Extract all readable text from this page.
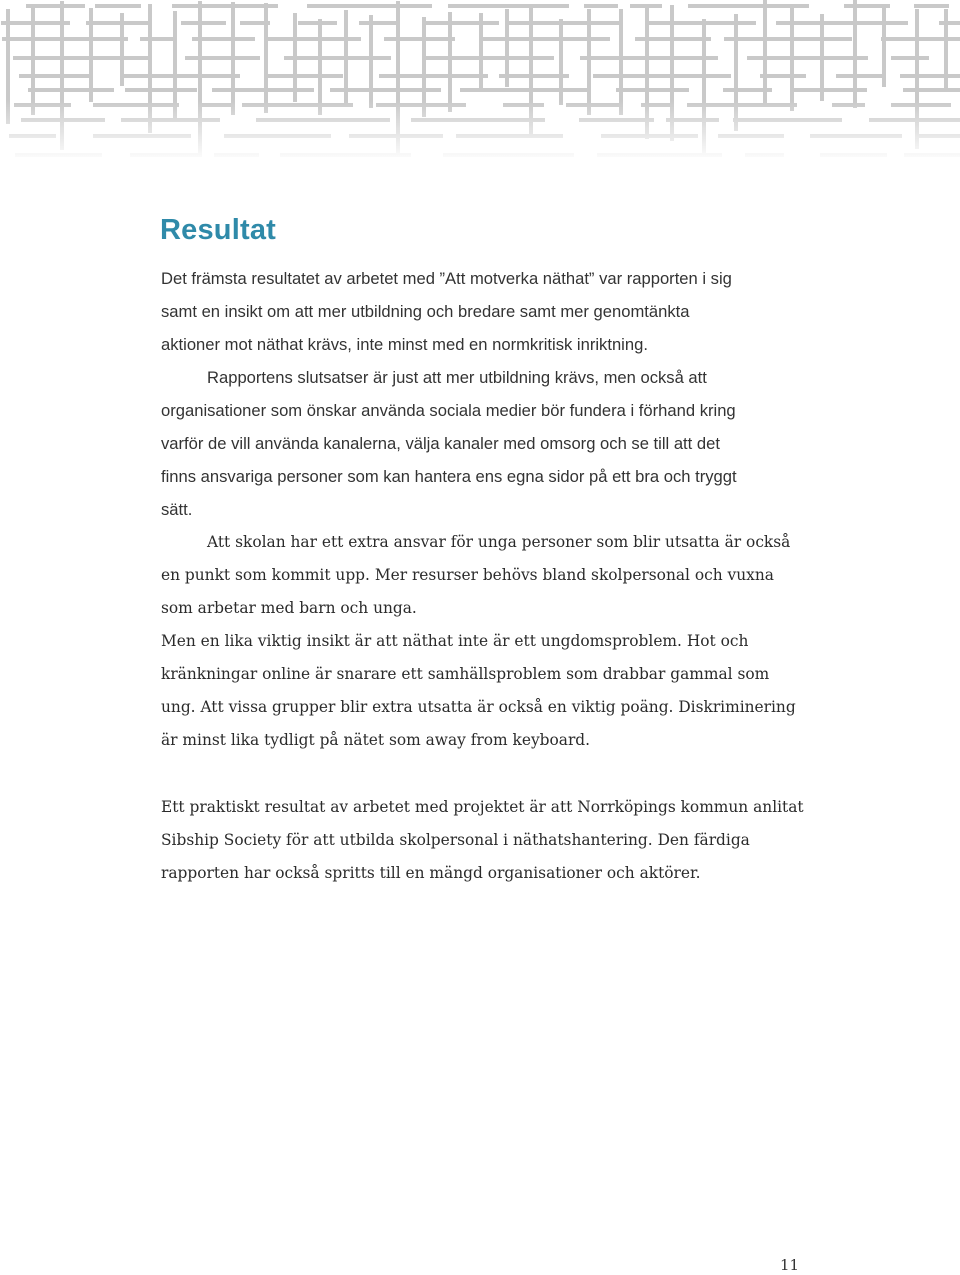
Resultat
Det främsta resultatet av arbetet med ”Att motverka näthat” var rapporten i sig
samt en insikt om att mer utbildning och bredare samt mer genomtänkta
aktioner mot näthat krävs, inte minst med en normkritisk inriktning.
Rapportens slutsatser är just att mer utbildning krävs, men också att
organisationer som önskar använda sociala medier bör fundera i förhand kring
varför de vill använda kanalerna, välja kanaler med omsorg och se till att det
finns ansvariga personer som kan hantera ens egna sidor på ett bra och tryggt
sätt.
Att skolan har ett extra ansvar för unga personer som blir utsatta är också
en punkt som kommit upp. Mer resurser behövs bland skolpersonal och vuxna
som arbetar med barn och unga.
Men en lika viktig insikt är att näthat inte är ett ungdomsproblem. Hot och
kränkningar online är snarare ett samhällsproblem som drabbar gammal som
ung. Att vissa grupper blir extra utsatta är också en viktig poäng. Diskriminering
är minst lika tydligt på nätet som away from keyboard.
Ett praktiskt resultat av arbetet med projektet är att Norrköpings kommun anlitat
Sibship Society för att utbilda skolpersonal i näthatshantering. Den färdiga
rapporten har också spritts till en mängd organisationer och aktörer.

11
